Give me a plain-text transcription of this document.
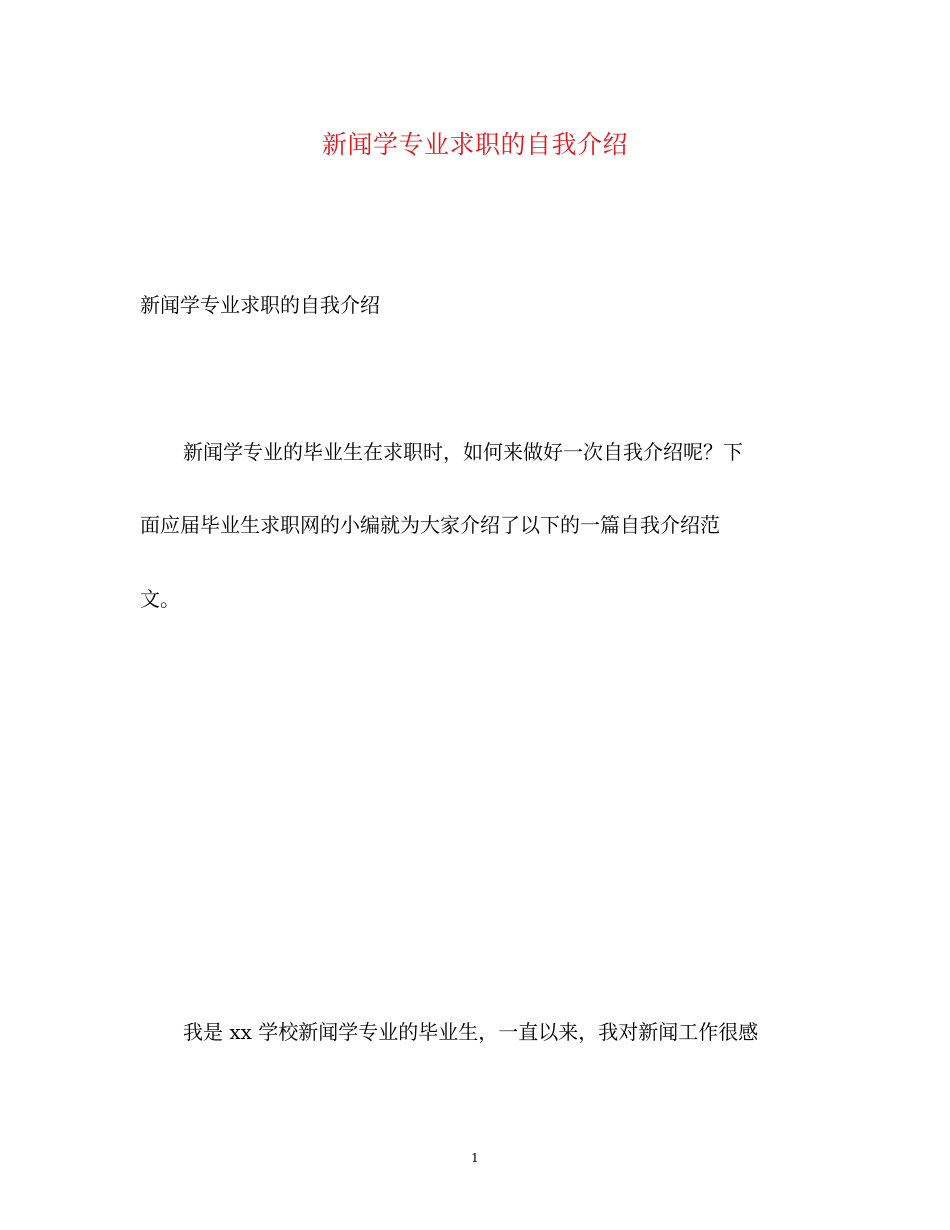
新闻学专业求职的自我介绍
新闻学专业求职的自我介绍
新闻学专业的毕业生在求职时，如何来做好一次自我介绍呢？下
面应届毕业生求职网的小编就为大家介绍了以下的一篇自我介绍范
文。
我是 xx 学校新闻学专业的毕业生，一直以来，我对新闻工作很感
1
